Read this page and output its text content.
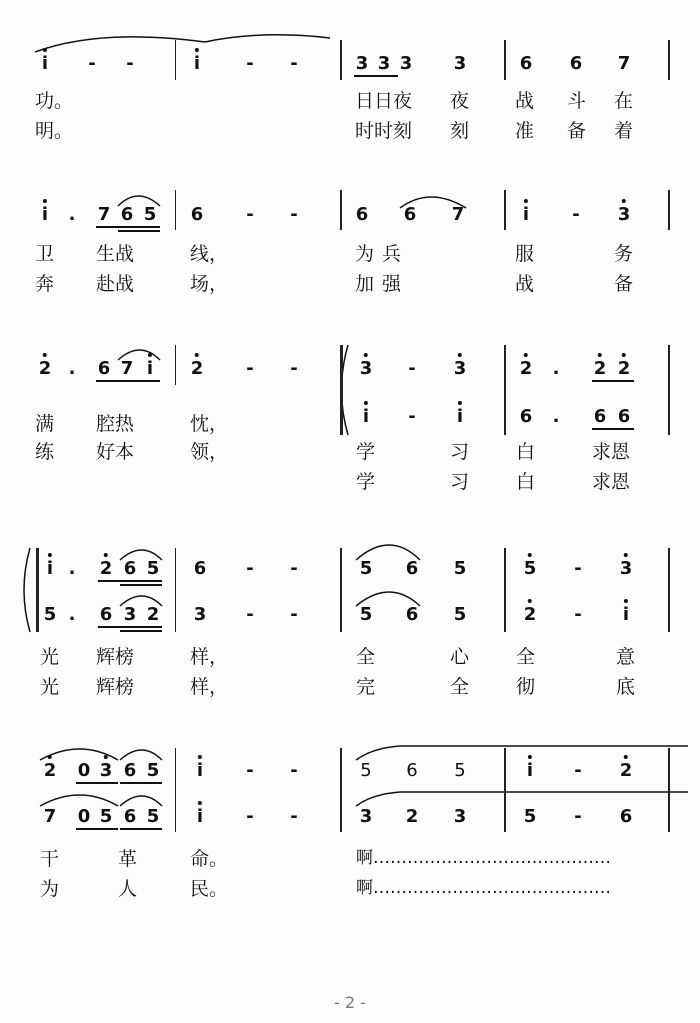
i - -	i	- -	3 3 3 3	6 6 7
功。	日日夜 夜 战 斗 在
明。	时时刻 刻 准 备 着
i . 7 6 5 6 - -	6 6 7	i - 3
卫 生战	线，	为兵	服	务
奔 赴战	场，	加强	战	备
2 . 6 7 i 2 - -	3 - 3	2 . 2 2
i - i	6 . 6 6
满 腔热	忱，
练 好本	领，	学	习 白	求恩
学	习 白	求恩
i . 2 6 5 6 - -	5 6 5	5 - 3
5 . 6 3 2 3 - -	5 6 5	2 - i
光 辉榜	样，	全	心 全	意
光 辉榜	样，	完	全 彻	底
2 0 3 6 5 i - -	5 6 5	i - 2
7 0 5 6 5 i - -	3 2 3	5 - 6
干	革	命。	啊……………………………………
为	人	民。	啊……………………………………
- 2 -
